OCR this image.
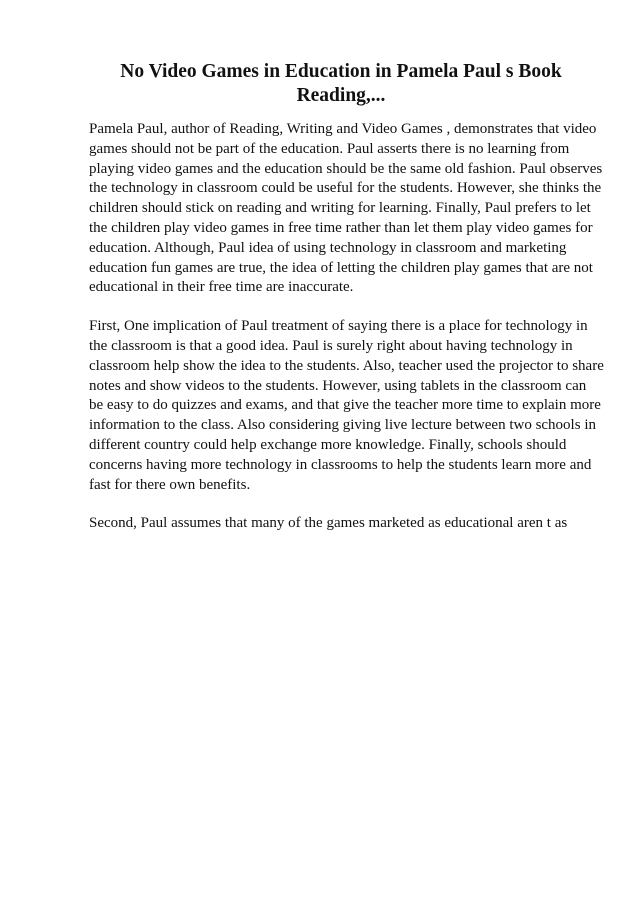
No Video Games in Education in Pamela Paul s Book
Reading,...

Pamela Paul, author of Reading, Writing and Video Games , demonstrates that video
games should not be part of the education. Paul asserts there is no learning from
playing video games and the education should be the same old fashion. Paul observes
the technology in classroom could be useful for the students. However, she thinks the
children should stick on reading and writing for learning. Finally, Paul prefers to let
the children play video games in free time rather than let them play video games for
education. Although, Paul idea of using technology in classroom and marketing
education fun games are true, the idea of letting the children play games that are not
educational in their free time are inaccurate.

First, One implication of Paul treatment of saying there is a place for technology in
the classroom is that a good idea. Paul is surely right about having technology in
classroom help show the idea to the students. Also, teacher used the projector to share
notes and show videos to the students. However, using tablets in the classroom can
be easy to do quizzes and exams, and that give the teacher more time to explain more
information to the class. Also considering giving live lecture between two schools in
different country could help exchange more knowledge. Finally, schools should
concerns having more technology in classrooms to help the students learn more and
fast for there own benefits.

Second, Paul assumes that many of the games marketed as educational aren t as
